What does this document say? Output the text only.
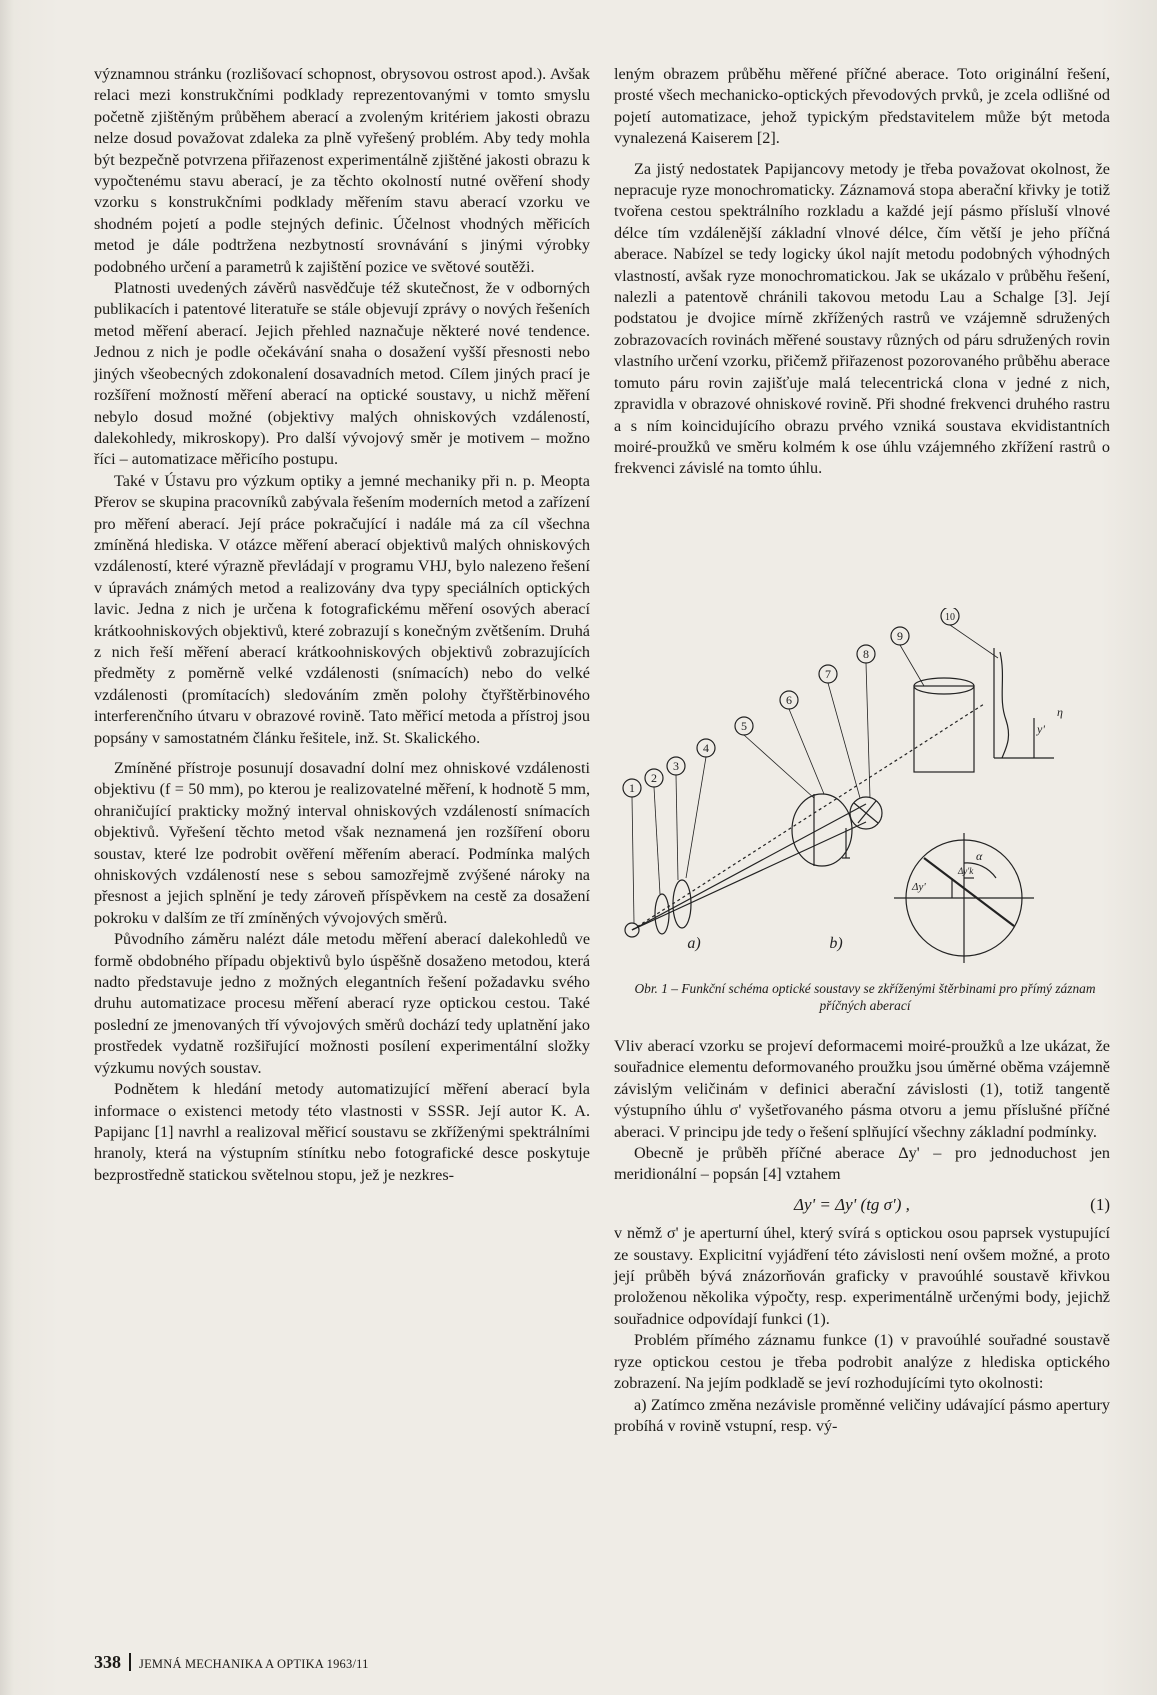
významnou stránku (rozlišovací schopnost, obrysovou ostrost apod.). Avšak relaci mezi konstrukčními podklady reprezentovanými v tomto smyslu početně zjištěným průběhem aberací a zvoleným kritériem jakosti obrazu nelze dosud považovat zdaleka za plně vyřešený problém. Aby tedy mohla být bezpečně potvrzena přiřazenost experimentálně zjištěné jakosti obrazu k vypočtenému stavu aberací, je za těchto okolností nutné ověření shody vzorku s konstrukčními podklady měřením stavu aberací vzorku ve shodném pojetí a podle stejných definic. Účelnost vhodných měřicích metod je dále podtržena nezbytností srovnávání s jinými výrobky podobného určení a parametrů k zajištění pozice ve světové soutěži.

Platnosti uvedených závěrů nasvědčuje též skutečnost, že v odborných publikacích i patentové literatuře se stále objevují zprávy o nových řešeních metod měření aberací. Jejich přehled naznačuje některé nové tendence. Jednou z nich je podle očekávání snaha o dosažení vyšší přesnosti nebo jiných všeobecných zdokonalení dosavadních metod. Cílem jiných prací je rozšíření možností měření aberací na optické soustavy, u nichž měření nebylo dosud možné (objektivy malých ohniskových vzdáleností, dalekohledy, mikroskopy). Pro další vývojový směr je motivem – možno říci – automatizace měřicího postupu.

Také v Ústavu pro výzkum optiky a jemné mechaniky při n. p. Meopta Přerov se skupina pracovníků zabývala řešením moderních metod a zařízení pro měření aberací. Její práce pokračující i nadále má za cíl všechna zmíněná hlediska. V otázce měření aberací objektivů malých ohniskových vzdáleností, které výrazně převládají v programu VHJ, bylo nalezeno řešení v úpravách známých metod a realizovány dva typy speciálních optických lavic. Jedna z nich je určena k fotografickému měření osových aberací krátkoohniskových objektivů, které zobrazují s konečným zvětšením. Druhá z nich řeší měření aberací krátkoohniskových objektivů zobrazujících předměty z poměrně velké vzdálenosti (snímacích) nebo do velké vzdálenosti (promítacích) sledováním změn polohy čtyřštěrbinového interferenčního útvaru v obrazové rovině. Tato měřicí metoda a přístroj jsou popsány v samostatném článku řešitele, inž. St. Skalického.

Zmíněné přístroje posunují dosavadní dolní mez ohniskové vzdálenosti objektivu (f = 50 mm), po kterou je realizovatelné měření, k hodnotě 5 mm, ohraničující prakticky možný interval ohniskových vzdáleností snímacích objektivů. Vyřešení těchto metod však neznamená jen rozšíření oboru soustav, které lze podrobit ověření měřením aberací. Podmínka malých ohniskových vzdáleností nese s sebou samozřejmě zvýšené nároky na přesnost a jejich splnění je tedy zároveň příspěvkem na cestě za dosažení pokroku v dalším ze tří zmíněných vývojových směrů.

Původního záměru nalézt dále metodu měření aberací dalekohledů ve formě obdobného případu objektivů bylo úspěšně dosaženo metodou, která nadto představuje jedno z možných elegantních řešení požadavku svého druhu automatizace procesu měření aberací ryze optickou cestou. Také poslední ze jmenovaných tří vývojových směrů dochází tedy uplatnění jako prostředek vydatně rozšiřující možnosti posílení experimentální složky výzkumu nových soustav.

Podnětem k hledání metody automatizující měření aberací byla informace o existenci metody této vlastnosti v SSSR. Její autor K. A. Papijanc [1] navrhl a realizoval měřicí soustavu se zkříženými spektrálními hranoly, která na výstupním stínítku nebo fotografické desce poskytuje bezprostředně statickou světelnou stopu, jež je nezkres-

leným obrazem průběhu měřené příčné aberace. Toto originální řešení, prosté všech mechanicko-optických převodových prvků, je zcela odlišné od pojetí automatizace, jehož typickým představitelem může být metoda vynalezená Kaiserem [2].

Za jistý nedostatek Papijancovy metody je třeba považovat okolnost, že nepracuje ryze monochromaticky. Záznamová stopa aberační křivky je totiž tvořena cestou spektrálního rozkladu a každé její pásmo přísluší vlnové délce tím vzdálenější základní vlnové délce, čím větší je jeho příčná aberace. Nabízel se tedy logicky úkol najít metodu podobných výhodných vlastností, avšak ryze monochromatickou. Jak se ukázalo v průběhu řešení, nalezli a patentově chránili takovou metodu Lau a Schalge [3]. Její podstatou je dvojice mírně zkřížených rastrů ve vzájemně sdružených zobrazovacích rovinách měřené soustavy různých od páru sdružených rovin vlastního určení vzorku, přičemž přiřazenost pozorovaného průběhu aberace tomuto páru rovin zajišťuje malá telecentrická clona v jedné z nich, zpravidla v obrazové ohniskové rovině. Při shodné frekvenci druhého rastru a s ním koincidujícího obrazu prvého vzniká soustava ekvidistantních moiré-proužků ve směru kolmém k ose úhlu vzájemného zkřížení rastrů o frekvenci závislé na tomto úhlu.

1
2
3
4
5
6
7
8
9
10
y'
η
a)	b)
α
Δy'
Δy'k
Obr. 1 – Funkční schéma optické soustavy se zkříženými štěrbinami pro přímý záznam příčných aberací

Vliv aberací vzorku se projeví deformacemi moiré-proužků a lze ukázat, že souřadnice elementu deformovaného proužku jsou úměrné oběma vzájemně závislým veličinám v definici aberační závislosti (1), totiž tangentě výstupního úhlu σ' vyšetřovaného pásma otvoru a jemu příslušné příčné aberaci. V principu jde tedy o řešení splňující všechny základní podmínky.

Obecně je průběh příčné aberace Δy' – pro jednoduchost jen meridionální – popsán [4] vztahem

Δy' = Δy' (tg σ') ,	(1)

v němž σ' je aperturní úhel, který svírá s optickou osou paprsek vystupující ze soustavy. Explicitní vyjádření této závislosti není ovšem možné, a proto její průběh bývá znázorňován graficky v pravoúhlé soustavě křivkou proloženou několika výpočty, resp. experimentálně určenými body, jejichž souřadnice odpovídají funkci (1).

Problém přímého záznamu funkce (1) v pravoúhlé souřadné soustavě ryze optickou cestou je třeba podrobit analýze z hlediska optického zobrazení. Na jejím podkladě se jeví rozhodujícími tyto okolnosti:

a) Zatímco změna nezávisle proměnné veličiny udávající pásmo apertury probíhá v rovině vstupní, resp. vý-

338 JEMNÁ MECHANIKA A OPTIKA 1963/11
